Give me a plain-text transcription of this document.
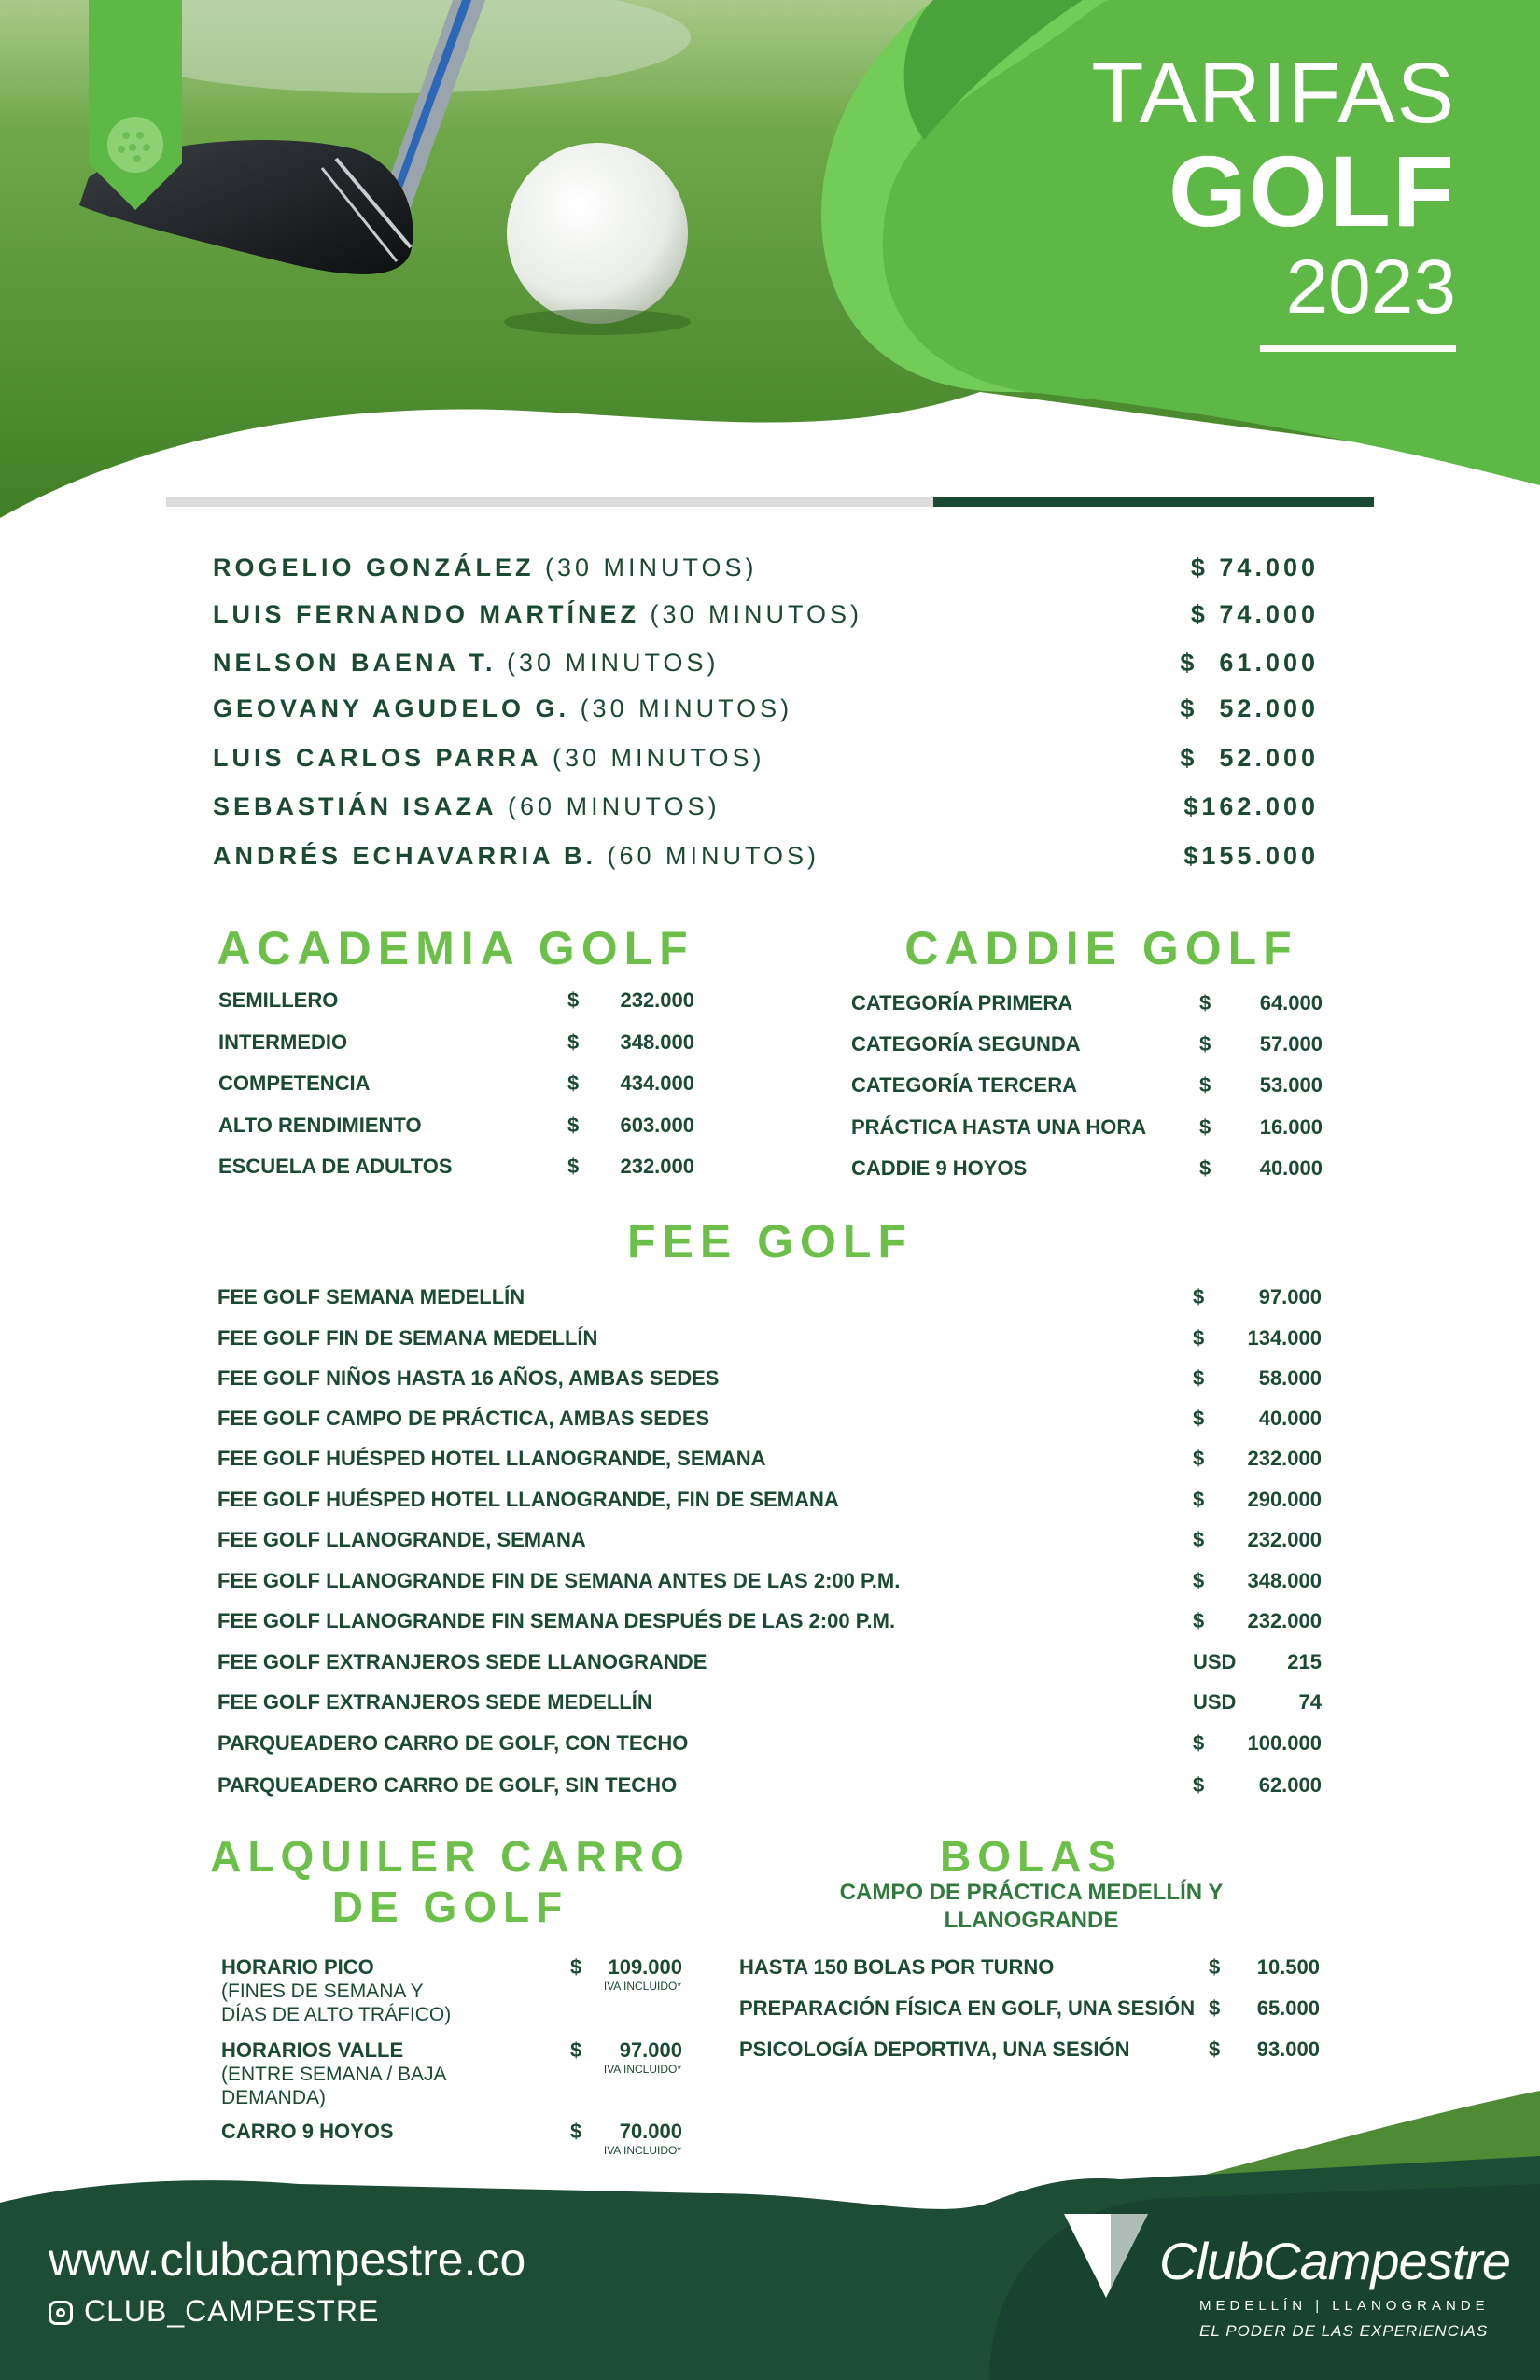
TARIFAS
GOLF
2023
ROGELIO GONZÁLEZ (30 MINUTOS)	$ 74.000
LUIS FERNANDO MARTÍNEZ (30 MINUTOS)	$ 74.000
NELSON BAENA T. (30 MINUTOS)	$  61.000
GEOVANY AGUDELO G. (30 MINUTOS)	$  52.000
LUIS CARLOS PARRA (30 MINUTOS)	$  52.000
SEBASTIÁN ISAZA (60 MINUTOS)	$162.000
ANDRÉS ECHAVARRIA B. (60 MINUTOS)	$155.000
ACADEMIA GOLF
SEMILLERO	$ 232.000
INTERMEDIO	$ 348.000
COMPETENCIA	$ 434.000
ALTO RENDIMIENTO	$ 603.000
ESCUELA DE ADULTOS	$ 232.000
CADDIE GOLF
CATEGORÍA PRIMERA	$ 64.000
CATEGORÍA SEGUNDA	$ 57.000
CATEGORÍA TERCERA	$ 53.000
PRÁCTICA HASTA UNA HORA	$ 16.000
CADDIE 9 HOYOS	$ 40.000
FEE GOLF
FEE GOLF SEMANA MEDELLÍN	$	97.000
FEE GOLF FIN DE SEMANA MEDELLÍN	$ 134.000
FEE GOLF NIÑOS HASTA 16 AÑOS, AMBAS SEDES	$	58.000
FEE GOLF CAMPO DE PRÁCTICA, AMBAS SEDES	$	40.000
FEE GOLF HUÉSPED HOTEL LLANOGRANDE, SEMANA	$ 232.000
FEE GOLF HUÉSPED HOTEL LLANOGRANDE, FIN DE SEMANA	$ 290.000
FEE GOLF LLANOGRANDE, SEMANA	$ 232.000
FEE GOLF LLANOGRANDE FIN DE SEMANA ANTES DE LAS 2:00 P.M.	$ 348.000
FEE GOLF LLANOGRANDE FIN SEMANA DESPUÉS DE LAS 2:00 P.M.	$ 232.000
FEE GOLF EXTRANJEROS SEDE LLANOGRANDE	USD 215
FEE GOLF EXTRANJEROS SEDE MEDELLÍN	USD	74
PARQUEADERO CARRO DE GOLF, CON TECHO	$ 100.000
PARQUEADERO CARRO DE GOLF, SIN TECHO	$	62.000
ALQUILER CARRO
DE GOLF
HORARIO PICO	$ 109.000
(FINES DE SEMANA Y
DÍAS DE ALTO TRÁFICO)
IVA INCLUIDO*
HORARIOS VALLE	$ 97.000
(ENTRE SEMANA / BAJA
DEMANDA)
IVA INCLUIDO*
CARRO 9 HOYOS	$ 70.000
IVA INCLUIDO*
BOLAS
CAMPO DE PRÁCTICA MEDELLÍN Y
LLANOGRANDE
HASTA 150 BOLAS POR TURNO	$ 10.500
PREPARACIÓN FÍSICA EN GOLF, UNA SESIÓN $ 65.000
PSICOLOGÍA DEPORTIVA, UNA SESIÓN	$ 93.000
www.clubcampestre.co
CLUB_CAMPESTRE
ClubCampestre
MEDELLÍN | LLANOGRANDE
EL PODER DE LAS EXPERIENCIAS
